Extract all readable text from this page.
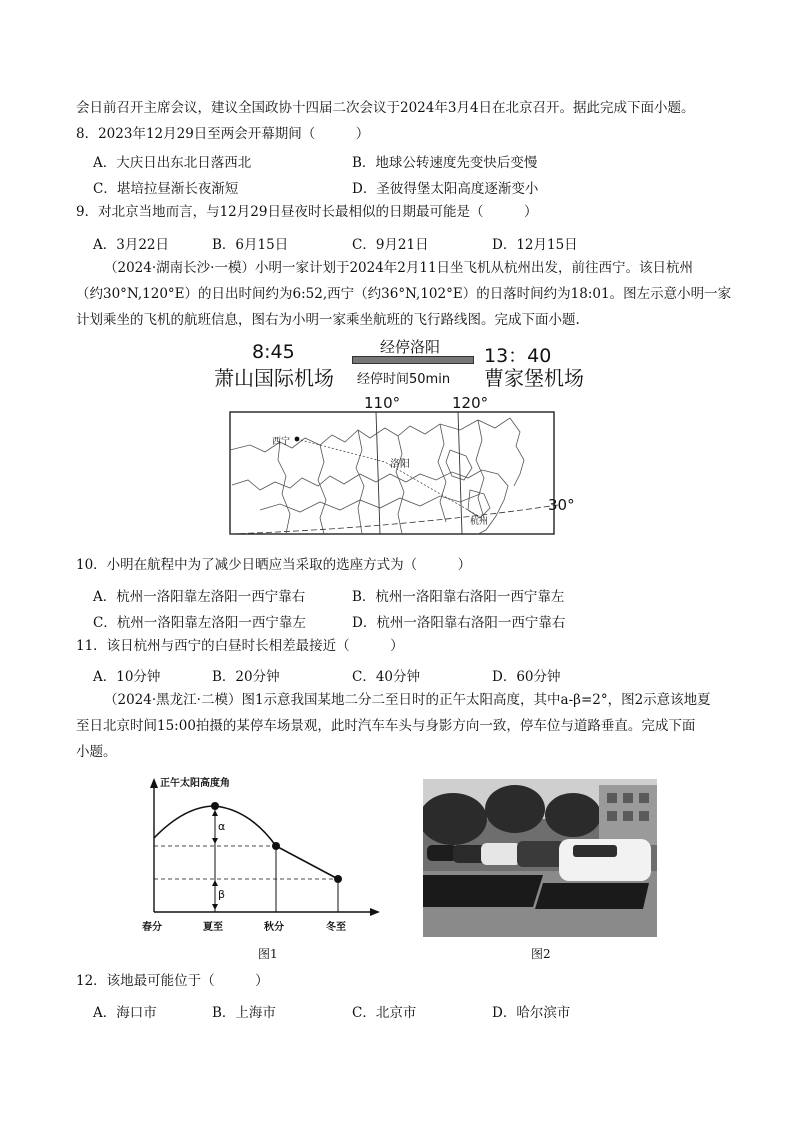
会日前召开主席会议，建议全国政协十四届二次会议于2024年3月4日在北京召开。据此完成下面小题。
8．2023年12月29日至两会开幕期间（　　　）
A．大庆日出东北日落西北	B．地球公转速度先变快后变慢
C．堪培拉昼渐长夜渐短	D．圣彼得堡太阳高度逐渐变小
9．对北京当地而言，与12月29日昼夜时长最相似的日期最可能是（　　　）
A．3月22日	B．6月15日	C．9月21日	D．12月15日
（2024·湖南长沙·一模）小明一家计划于2024年2月11日坐飞机从杭州出发，前往西宁。该日杭州
（约30°N,120°E）的日出时间约为6:52,西宁（约36°N,102°E）的日落时间约为18:01。图左示意小明一家
计划乘坐的飞机的航班信息，图右为小明一家乘坐航班的飞行路线图。完成下面小题.
8:45	经停洛阳 13：40
萧山国际机场 经停时间50min 曹家堡机场
110°	120°
西宁
洛阳
杭州
30°
10．小明在航程中为了减少日晒应当采取的选座方式为（　　　）
A．杭州一洛阳靠左洛阳一西宁靠右	B．杭州一洛阳靠右洛阳一西宁靠左
C．杭州一洛阳靠左洛阳一西宁靠左	D．杭州一洛阳靠右洛阳一西宁靠右
11．该日杭州与西宁的白昼时长相差最接近（　　　）
A．10分钟	B．20分钟	C．40分钟	D．60分钟
（2024·黑龙江·二模）图1示意我国某地二分二至日时的正午太阳高度，其中a-β=2°，图2示意该地夏
至日北京时间15:00拍摄的某停车场景观，此时汽车车头与身影方向一致，停车位与道路垂直。完成下面
小题。
正午太阳高度角
α
β
春分	夏至	秋分	冬至
图1	图2
12．该地最可能位于（　　　）
A．海口市	B．上海市	C．北京市	D．哈尔滨市
